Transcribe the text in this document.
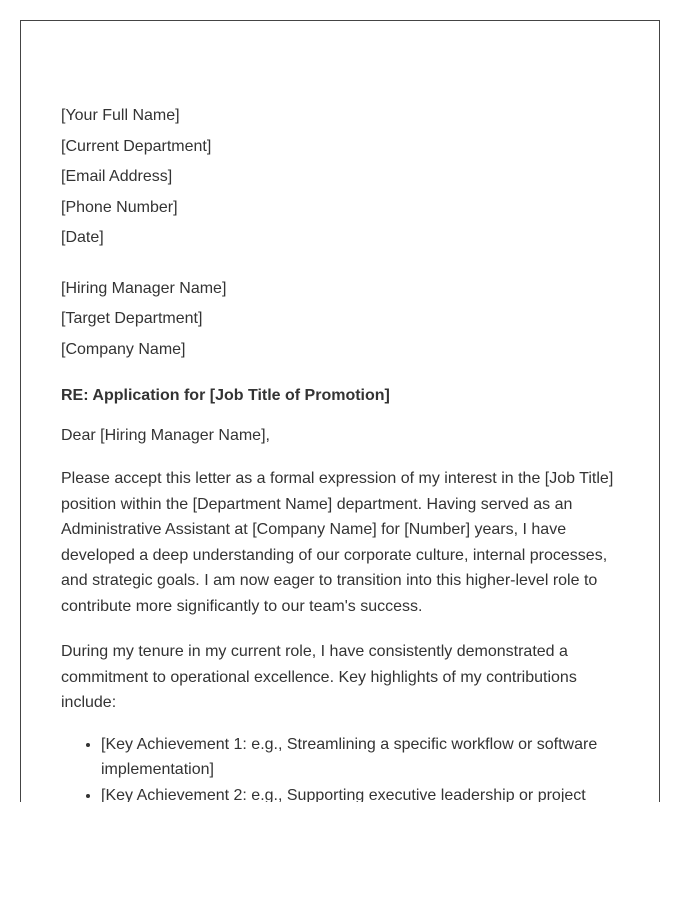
[Your Full Name]

[Current Department]

[Email Address]

[Phone Number]

[Date]

[Hiring Manager Name]

[Target Department]

[Company Name]

RE: Application for [Job Title of Promotion]
Dear [Hiring Manager Name],

Please accept this letter as a formal expression of my interest in the [Job Title] position within the [Department Name] department. Having served as an Administrative Assistant at [Company Name] for [Number] years, I have developed a deep understanding of our corporate culture, internal processes, and strategic goals. I am now eager to transition into this higher-level role to contribute more significantly to our team's success.

During my tenure in my current role, I have consistently demonstrated a commitment to operational excellence. Key highlights of my contributions include:

• [Key Achievement 1: e.g., Streamlining a specific workflow or software implementation]
• [Key Achievement 2: e.g., Supporting executive leadership or project
